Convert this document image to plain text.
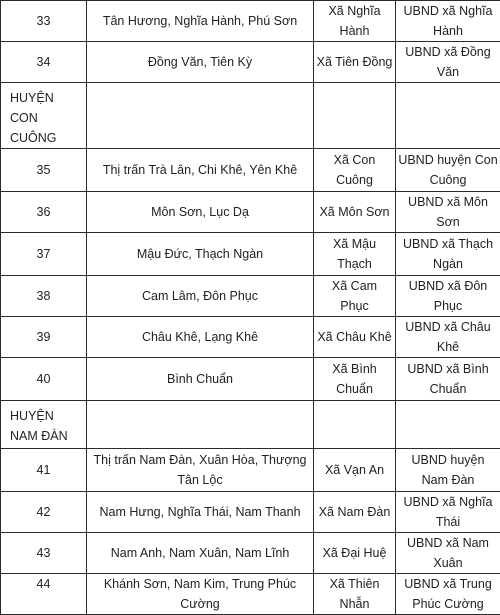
33	Tân Hương, Nghĩa Hành, Phú Sơn	Xã Nghĩa Hành	UBND xã Nghĩa Hành
34	Đồng Văn, Tiên Kỳ	Xã Tiên Đồng	UBND xã Đồng Văn
HUYỆN CON CUÔNG			
35	Thị trấn Trà Lân, Chi Khê, Yên Khê	Xã Con Cuông	UBND huyện Con Cuông
36	Môn Sơn, Lục Dạ	Xã Môn Sơn	UBND xã Môn Sơn
37	Mậu Đức, Thạch Ngàn	Xã Mậu Thạch	UBND xã Thạch Ngàn
38	Cam Lâm, Đôn Phục	Xã Cam Phục	UBND xã Đôn Phục
39	Châu Khê, Lạng Khê	Xã Châu Khê	UBND xã Châu Khê
40	Bình Chuẩn	Xã Bình Chuẩn	UBND xã Bình Chuẩn
HUYỆN NAM ĐÀN			
41	Thị trấn Nam Đàn, Xuân Hòa, Thượng Tân Lộc	Xã Vạn An	UBND huyện Nam Đàn
42	Nam Hưng, Nghĩa Thái, Nam Thanh	Xã Nam Đàn	UBND xã Nghĩa Thái
43	Nam Anh, Nam Xuân, Nam Lĩnh	Xã Đại Huệ	UBND xã Nam Xuân
44	Khánh Sơn, Nam Kim, Trung Phúc Cường	Xã Thiên Nhẫn	UBND xã Trung Phúc Cường
